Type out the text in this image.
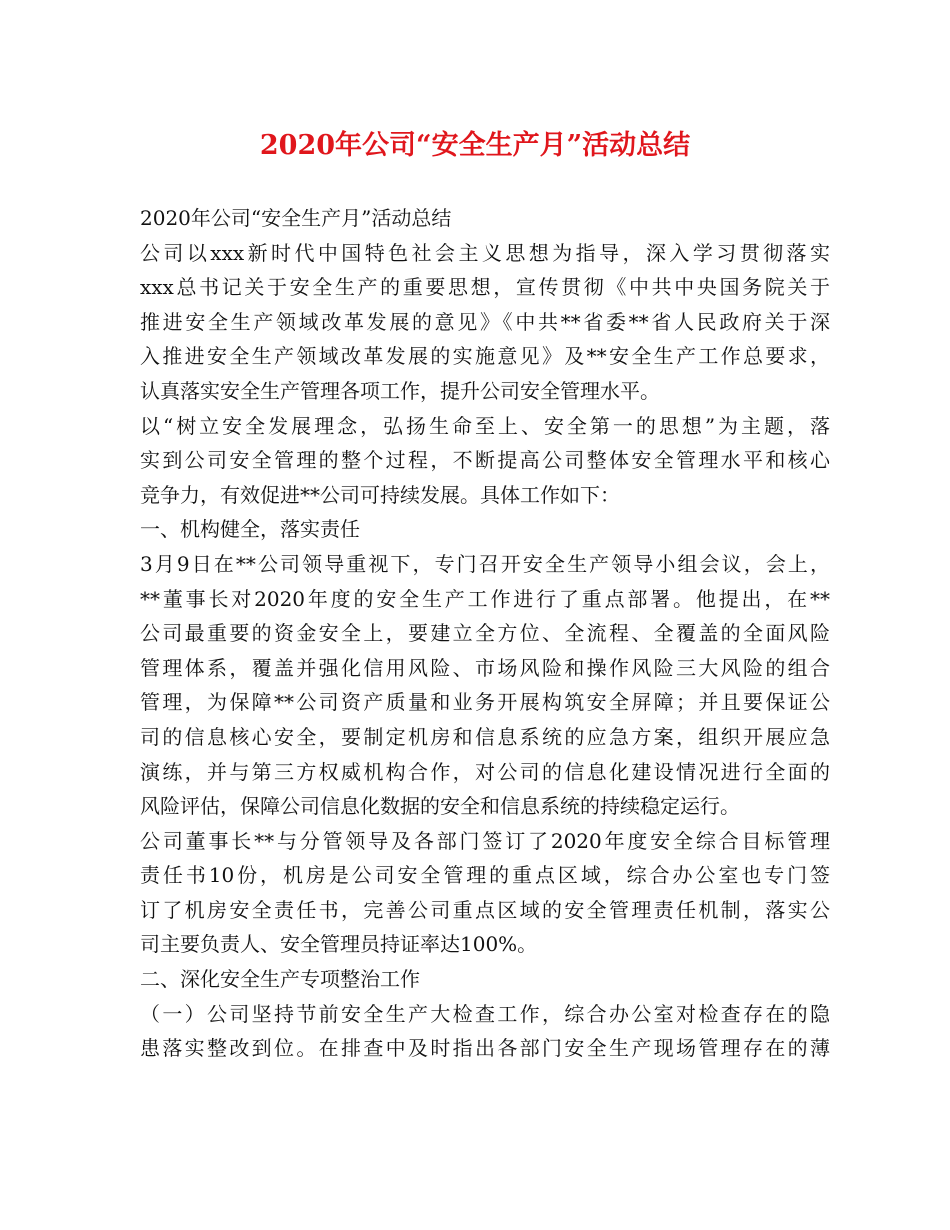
2020年公司“安全生产月”活动总结
2020年公司“安全生产月”活动总结
公司以xxx新时代中国特色社会主义思想为指导，深入学习贯彻落实
xxx总书记关于安全生产的重要思想，宣传贯彻《中共中央国务院关于
推进安全生产领域改革发展的意见》《中共**省委**省人民政府关于深
入推进安全生产领域改革发展的实施意见》及**安全生产工作总要求，
认真落实安全生产管理各项工作，提升公司安全管理水平。
以“树立安全发展理念，弘扬生命至上、安全第一的思想”为主题，落
实到公司安全管理的整个过程，不断提高公司整体安全管理水平和核心
竞争力，有效促进**公司可持续发展。具体工作如下：
一、机构健全，落实责任
3月9日在**公司领导重视下，专门召开安全生产领导小组会议，会上，
**董事长对2020年度的安全生产工作进行了重点部署。他提出，在**
公司最重要的资金安全上，要建立全方位、全流程、全覆盖的全面风险
管理体系，覆盖并强化信用风险、市场风险和操作风险三大风险的组合
管理，为保障**公司资产质量和业务开展构筑安全屏障；并且要保证公
司的信息核心安全，要制定机房和信息系统的应急方案，组织开展应急
演练，并与第三方权威机构合作，对公司的信息化建设情况进行全面的
风险评估，保障公司信息化数据的安全和信息系统的持续稳定运行。
公司董事长**与分管领导及各部门签订了2020年度安全综合目标管理
责任书10份，机房是公司安全管理的重点区域，综合办公室也专门签
订了机房安全责任书，完善公司重点区域的安全管理责任机制，落实公
司主要负责人、安全管理员持证率达100%。
二、深化安全生产专项整治工作
（一）公司坚持节前安全生产大检查工作，综合办公室对检查存在的隐
患落实整改到位。在排查中及时指出各部门安全生产现场管理存在的薄
